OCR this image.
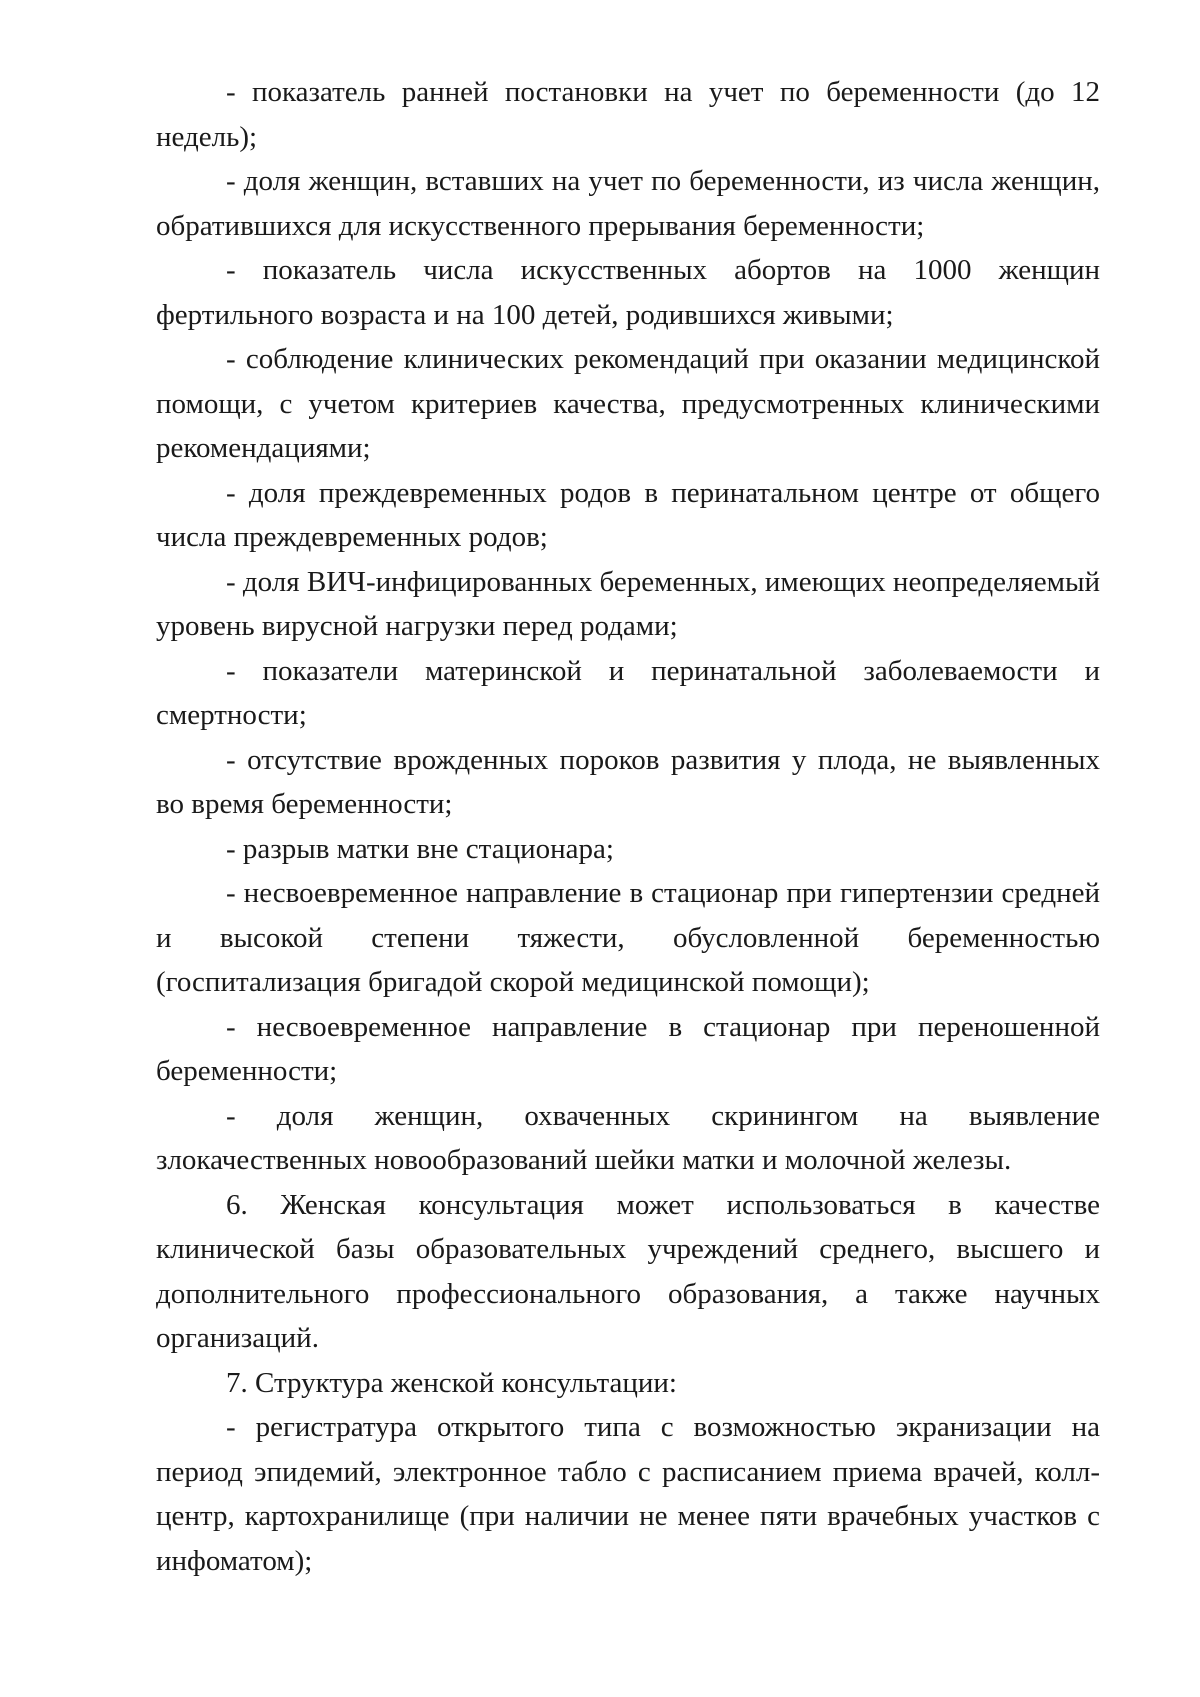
- показатель ранней постановки на учет по беременности (до 12 недель);

- доля женщин, вставших на учет по беременности, из числа женщин, обратившихся для искусственного прерывания беременности;

- показатель числа искусственных абортов на 1000 женщин фертильного возраста и на 100 детей, родившихся живыми;

- соблюдение клинических рекомендаций при оказании медицинской помощи, с учетом критериев качества, предусмотренных клиническими рекомендациями;

- доля преждевременных родов в перинатальном центре от общего числа преждевременных родов;

- доля ВИЧ-инфицированных беременных, имеющих неопределяемый уровень вирусной нагрузки перед родами;

- показатели материнской и перинатальной заболеваемости и смертности;

- отсутствие врожденных пороков развития у плода, не выявленных во время беременности;

- разрыв матки вне стационара;

- несвоевременное направление в стационар при гипертензии средней и высокой степени тяжести, обусловленной беременностью (госпитализация бригадой скорой медицинской помощи);

- несвоевременное направление в стационар при переношенной беременности;

- доля женщин, охваченных скринингом на выявление злокачественных новообразований шейки матки и молочной железы.

6. Женская консультация может использоваться в качестве клинической базы образовательных учреждений среднего, высшего и дополнительного профессионального образования, а также научных организаций.

7. Структура женской консультации:

- регистратура открытого типа с возможностью экранизации на период эпидемий, электронное табло с расписанием приема врачей, колл-центр, картохранилище (при наличии не менее пяти врачебных участков с инфоматом);
